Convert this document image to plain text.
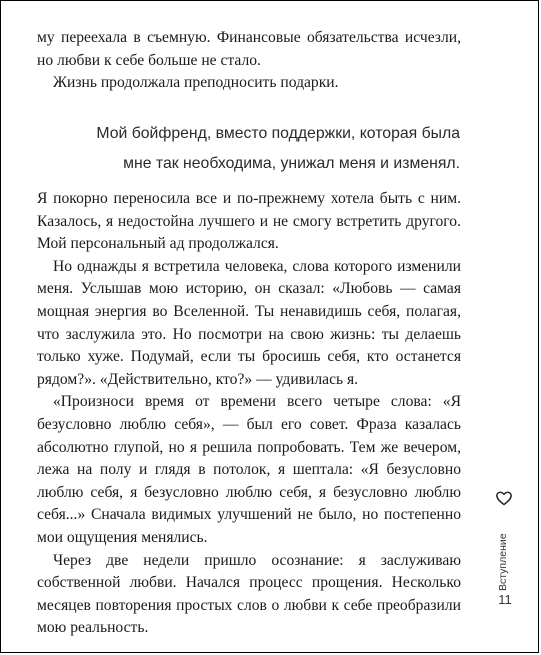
му переехала в съемную. Финансовые обязательства исчезли, но любви к себе больше не стало.

Жизнь продолжала преподносить подарки.

Мой бойфренд, вместо поддержки, которая была
мне так необходима, унижал меня и изменял.

Я покорно переносила все и по-прежнему хотела быть с ним. Казалось, я недостойна лучшего и не смогу встретить другого. Мой персональный ад продолжался.

Но однажды я встретила человека, слова которого изменили меня. Услышав мою историю, он сказал: «Любовь — самая мощная энергия во Вселенной. Ты ненавидишь себя, полагая, что заслужила это. Но посмотри на свою жизнь: ты делаешь только хуже. Подумай, если ты бросишь себя, кто останется рядом?». «Действительно, кто?» — удивилась я.

«Произноси время от времени всего четыре слова: «Я безусловно люблю себя», — был его совет. Фраза казалась абсолютно глупой, но я решила попробовать. Тем же вечером, лежа на полу и глядя в потолок, я шептала: «Я безусловно люблю себя, я безусловно люблю себя, я безусловно люблю себя...» Сначала видимых улучшений не было, но постепенно мои ощущения менялись.

Через две недели пришло осознание: я заслуживаю собственной любви. Начался процесс прощения. Несколько месяцев повторения простых слов о любви к себе преобразили мою реальность.

Вступление
11
